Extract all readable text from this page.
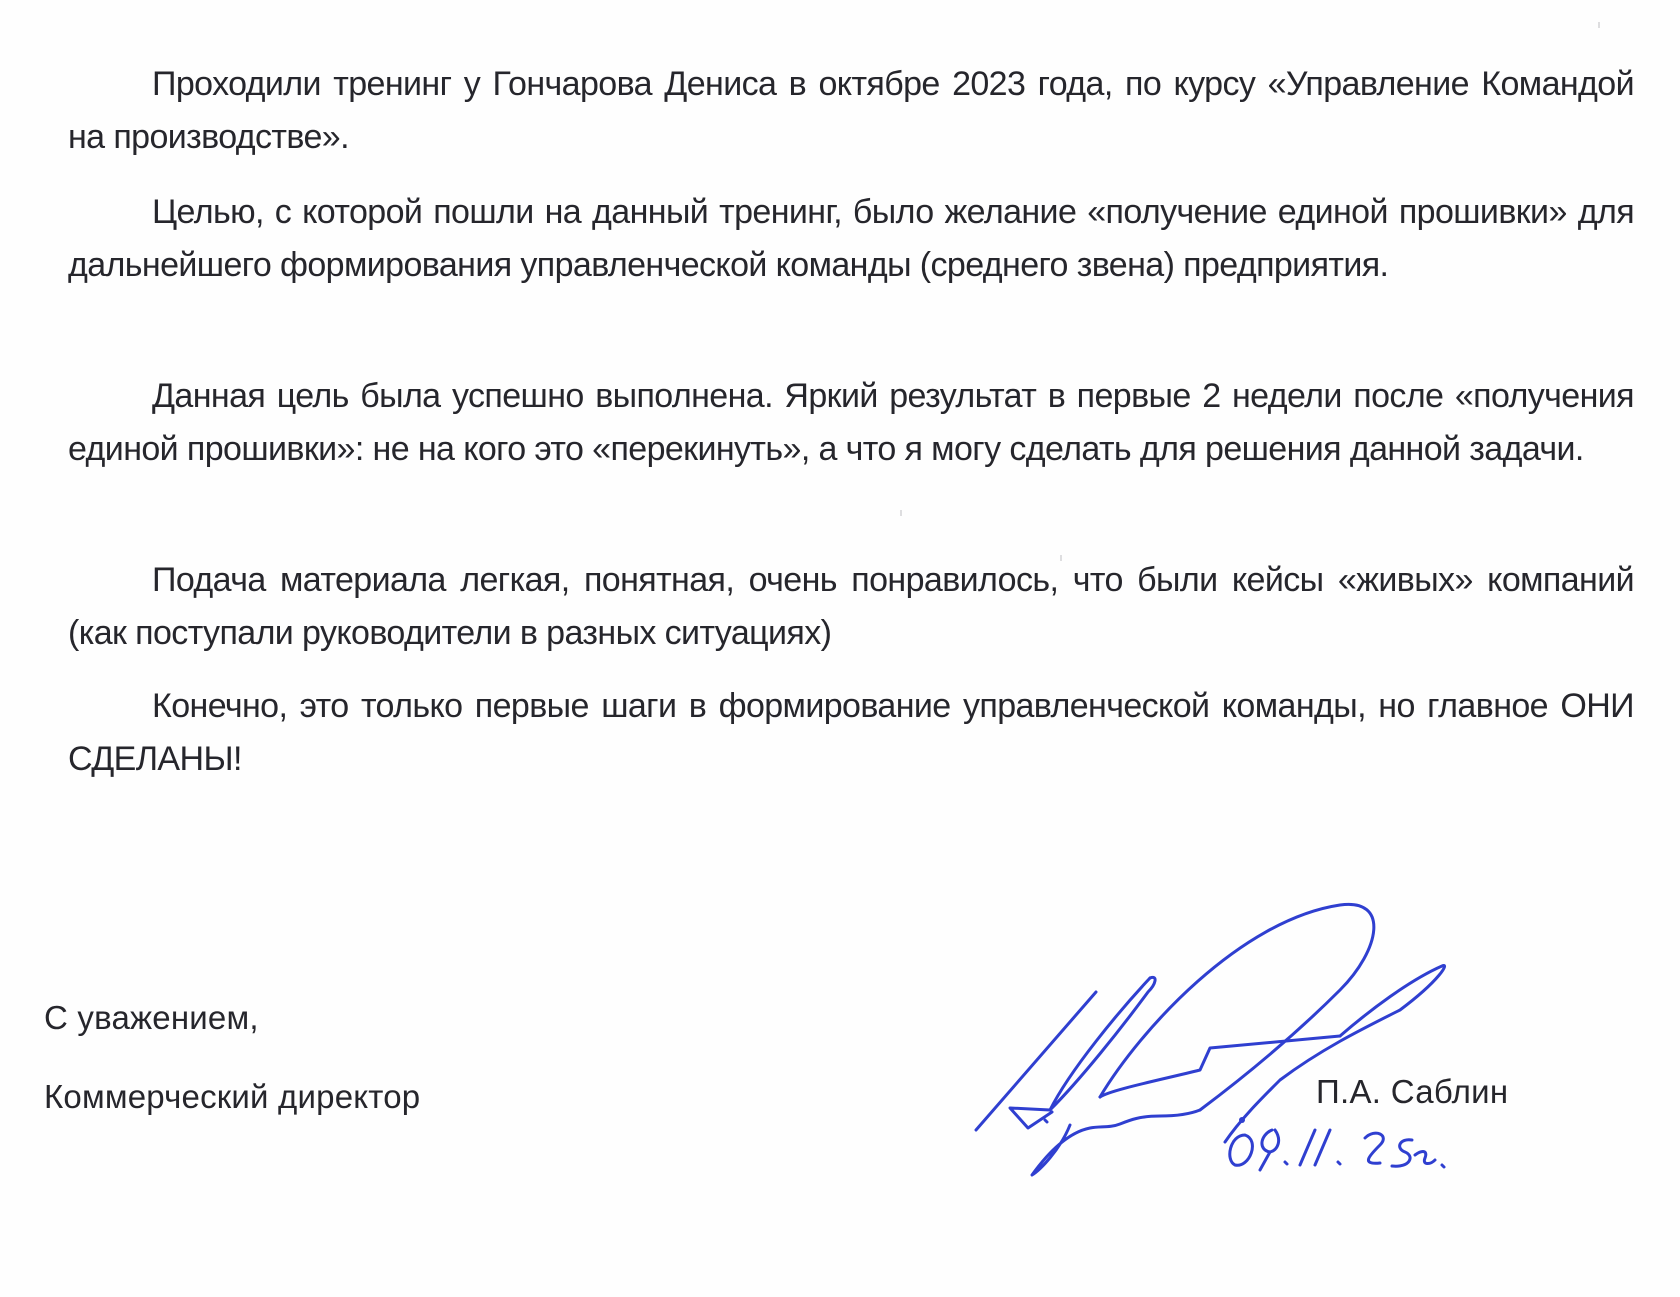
Проходили тренинг у Гончарова Дениса в октябре 2023 года, по курсу «Управление Командой на производстве».

Целью, с которой пошли на данный тренинг, было желание «получение единой прошивки» для дальнейшего формирования управленческой команды (среднего звена) предприятия.

Данная цель была успешно выполнена. Яркий результат в первые 2 недели после «получения единой прошивки»: не на кого это «перекинуть», а что я могу сделать для решения данной задачи.

Подача материала легкая, понятная, очень понравилось, что были кейсы «живых» компаний (как поступали руководители в разных ситуациях)

Конечно, это только первые шаги в формирование управленческой команды, но главное ОНИ СДЕЛАНЫ!

С уважением,
Коммерческий директор	П.А. Саблин
